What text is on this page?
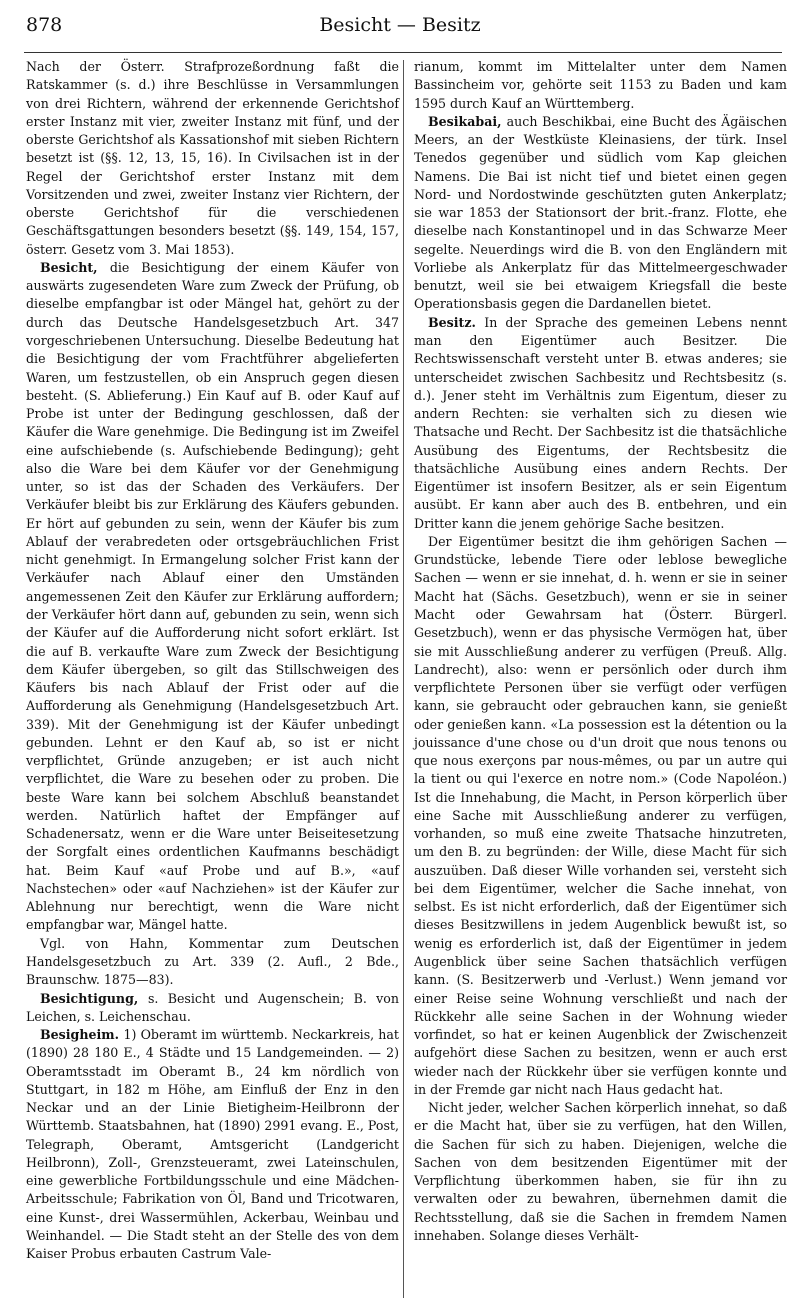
878	Besicht — Besitz

Nach der Österr. Strafprozeßordnung faßt die Ratskammer (s. d.) ihre Beschlüsse in Versammlungen von drei Richtern, während der erkennende Gerichtshof erster Instanz mit vier, zweiter Instanz mit fünf, und der oberste Gerichtshof als Kassationshof mit sieben Richtern besetzt ist (§§. 12, 13, 15, 16). In Civilsachen ist in der Regel der Gerichtshof erster Instanz mit dem Vorsitzenden und zwei, zweiter Instanz vier Richtern, der oberste Gerichtshof für die verschiedenen Geschäftsgattungen besonders besetzt (§§. 149, 154, 157, österr. Gesetz vom 3. Mai 1853).

Besicht, die Besichtigung der einem Käufer von auswärts zugesendeten Ware zum Zweck der Prüfung, ob dieselbe empfangbar ist oder Mängel hat, gehört zu der durch das Deutsche Handelsgesetzbuch Art. 347 vorgeschriebenen Untersuchung. Dieselbe Bedeutung hat die Besichtigung der vom Frachtführer abgelieferten Waren, um festzustellen, ob ein Anspruch gegen diesen besteht. (S. Ablieferung.) Ein Kauf auf B. oder Kauf auf Probe ist unter der Bedingung geschlossen, daß der Käufer die Ware genehmige. Die Bedingung ist im Zweifel eine aufschiebende (s. Aufschiebende Bedingung); geht also die Ware bei dem Käufer vor der Genehmigung unter, so ist das der Schaden des Verkäufers. Der Verkäufer bleibt bis zur Erklärung des Käufers gebunden. Er hört auf gebunden zu sein, wenn der Käufer bis zum Ablauf der verabredeten oder ortsgebräuchlichen Frist nicht genehmigt. In Ermangelung solcher Frist kann der Verkäufer nach Ablauf einer den Umständen angemessenen Zeit den Käufer zur Erklärung auffordern; der Verkäufer hört dann auf, gebunden zu sein, wenn sich der Käufer auf die Aufforderung nicht sofort erklärt. Ist die auf B. verkaufte Ware zum Zweck der Besichtigung dem Käufer übergeben, so gilt das Stillschweigen des Käufers bis nach Ablauf der Frist oder auf die Aufforderung als Genehmigung (Handelsgesetzbuch Art. 339). Mit der Genehmigung ist der Käufer unbedingt gebunden. Lehnt er den Kauf ab, so ist er nicht verpflichtet, Gründe anzugeben; er ist auch nicht verpflichtet, die Ware zu besehen oder zu proben. Die beste Ware kann bei solchem Abschluß beanstandet werden. Natürlich haftet der Empfänger auf Schadenersatz, wenn er die Ware unter Beiseitesetzung der Sorgfalt eines ordentlichen Kaufmanns beschädigt hat. Beim Kauf «auf Probe und auf B.», «auf Nachstechen» oder «auf Nachziehen» ist der Käufer zur Ablehnung nur berechtigt, wenn die Ware nicht empfangbar war, Mängel hatte.

Vgl. von Hahn, Kommentar zum Deutschen Handelsgesetzbuch zu Art. 339 (2. Aufl., 2 Bde., Braunschw. 1875—83).

Besichtigung, s. Besicht und Augenschein; B. von Leichen, s. Leichenschau.

Besigheim. 1) Oberamt im württemb. Neckarkreis, hat (1890) 28 180 E., 4 Städte und 15 Landgemeinden. — 2) Oberamtsstadt im Oberamt B., 24 km nördlich von Stuttgart, in 182 m Höhe, am Einfluß der Enz in den Neckar und an der Linie Bietigheim-Heilbronn der Württemb. Staatsbahnen, hat (1890) 2991 evang. E., Post, Telegraph, Oberamt, Amtsgericht (Landgericht Heilbronn), Zoll-, Grenzsteueramt, zwei Lateinschulen, eine gewerbliche Fortbildungsschule und eine Mädchen-Arbeitsschule; Fabrikation von Öl, Band und Tricotwaren, eine Kunst-, drei Wassermühlen, Ackerbau, Weinbau und Weinhandel. — Die Stadt steht an der Stelle des von dem Kaiser Probus erbauten Castrum Vale-

rianum, kommt im Mittelalter unter dem Namen Bassincheim vor, gehörte seit 1153 zu Baden und kam 1595 durch Kauf an Württemberg.

Besikabai, auch Beschikbai, eine Bucht des Ägäischen Meers, an der Westküste Kleinasiens, der türk. Insel Tenedos gegenüber und südlich vom Kap gleichen Namens. Die Bai ist nicht tief und bietet einen gegen Nord- und Nordostwinde geschützten guten Ankerplatz; sie war 1853 der Stationsort der brit.-franz. Flotte, ehe dieselbe nach Konstantinopel und in das Schwarze Meer segelte. Neuerdings wird die B. von den Engländern mit Vorliebe als Ankerplatz für das Mittelmeergeschwader benutzt, weil sie bei etwaigem Kriegsfall die beste Operationsbasis gegen die Dardanellen bietet.

Besitz. In der Sprache des gemeinen Lebens nennt man den Eigentümer auch Besitzer. Die Rechtswissenschaft versteht unter B. etwas anderes; sie unterscheidet zwischen Sachbesitz und Rechtsbesitz (s. d.). Jener steht im Verhältnis zum Eigentum, dieser zu andern Rechten: sie verhalten sich zu diesen wie Thatsache und Recht. Der Sachbesitz ist die thatsächliche Ausübung des Eigentums, der Rechtsbesitz die thatsächliche Ausübung eines andern Rechts. Der Eigentümer ist insofern Besitzer, als er sein Eigentum ausübt. Er kann aber auch des B. entbehren, und ein Dritter kann die jenem gehörige Sache besitzen.

Der Eigentümer besitzt die ihm gehörigen Sachen — Grundstücke, lebende Tiere oder leblose bewegliche Sachen — wenn er sie innehat, d. h. wenn er sie in seiner Macht hat (Sächs. Gesetzbuch), wenn er sie in seiner Macht oder Gewahrsam hat (Österr. Bürgerl. Gesetzbuch), wenn er das physische Vermögen hat, über sie mit Ausschließung anderer zu verfügen (Preuß. Allg. Landrecht), also: wenn er persönlich oder durch ihm verpflichtete Personen über sie verfügt oder verfügen kann, sie gebraucht oder gebrauchen kann, sie genießt oder genießen kann. «La possession est la détention ou la jouissance d'une chose ou d'un droit que nous tenons ou que nous exerçons par nous-mêmes, ou par un autre qui la tient ou qui l'exerce en notre nom.» (Code Napoléon.) Ist die Innehabung, die Macht, in Person körperlich über eine Sache mit Ausschließung anderer zu verfügen, vorhanden, so muß eine zweite Thatsache hinzutreten, um den B. zu begründen: der Wille, diese Macht für sich auszuüben. Daß dieser Wille vorhanden sei, versteht sich bei dem Eigentümer, welcher die Sache innehat, von selbst. Es ist nicht erforderlich, daß der Eigentümer sich dieses Besitzwillens in jedem Augenblick bewußt ist, so wenig es erforderlich ist, daß der Eigentümer in jedem Augenblick über seine Sachen thatsächlich verfügen kann. (S. Besitzerwerb und -Verlust.) Wenn jemand vor einer Reise seine Wohnung verschließt und nach der Rückkehr alle seine Sachen in der Wohnung wieder vorfindet, so hat er keinen Augenblick der Zwischenzeit aufgehört diese Sachen zu besitzen, wenn er auch erst wieder nach der Rückkehr über sie verfügen konnte und in der Fremde gar nicht nach Haus gedacht hat.

Nicht jeder, welcher Sachen körperlich innehat, so daß er die Macht hat, über sie zu verfügen, hat den Willen, die Sachen für sich zu haben. Diejenigen, welche die Sachen von dem besitzenden Eigentümer mit der Verpflichtung überkommen haben, sie für ihn zu verwalten oder zu bewahren, übernehmen damit die Rechtsstellung, daß sie die Sachen in fremdem Namen innehaben. Solange dieses Verhält-
